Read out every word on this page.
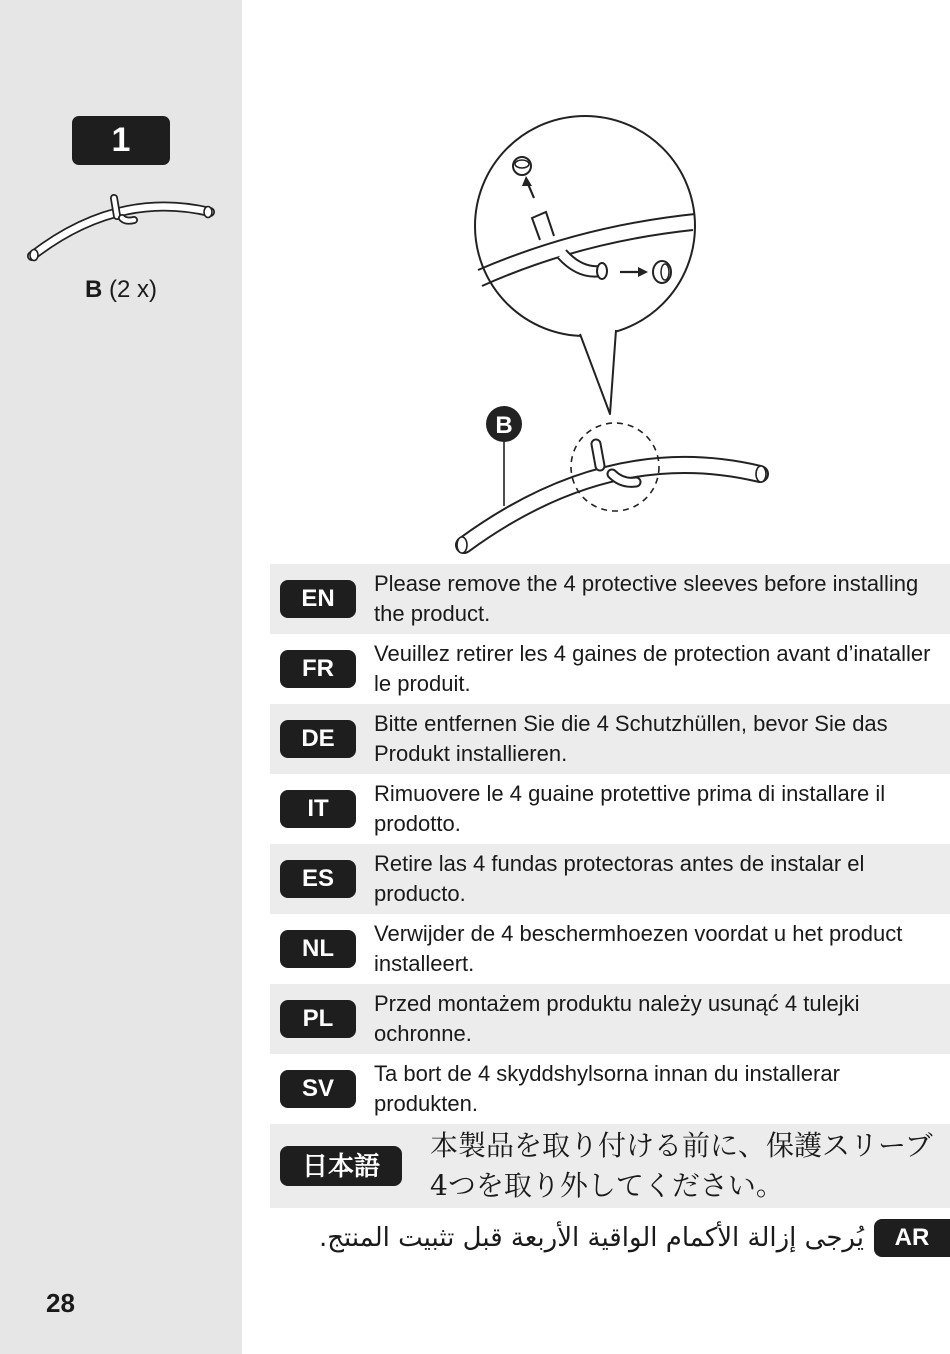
1
B (2 x)
28
B
EN
Please remove the 4 protective sleeves before installing the product.
FR
Veuillez retirer les 4 gaines de protection avant d’inataller le produit.
DE
Bitte entfernen Sie die 4 Schutzhüllen, bevor Sie das Produkt installieren.
IT
Rimuovere le 4 guaine protettive prima di installare il prodotto.
ES
Retire las 4 fundas protectoras antes de instalar el producto.
NL
Verwijder de 4 beschermhoezen voordat u het product installeert.
PL
Przed montażem produktu należy usunąć 4 tulejki ochronne.
SV
Ta bort de 4 skyddshylsorna innan du installerar produkten.
日本語
本製品を取り付ける前に、保護スリーブ
4つを取り外してください。
يُرجى إزالة الأكمام الواقية الأربعة قبل تثبيت المنتج.	AR
